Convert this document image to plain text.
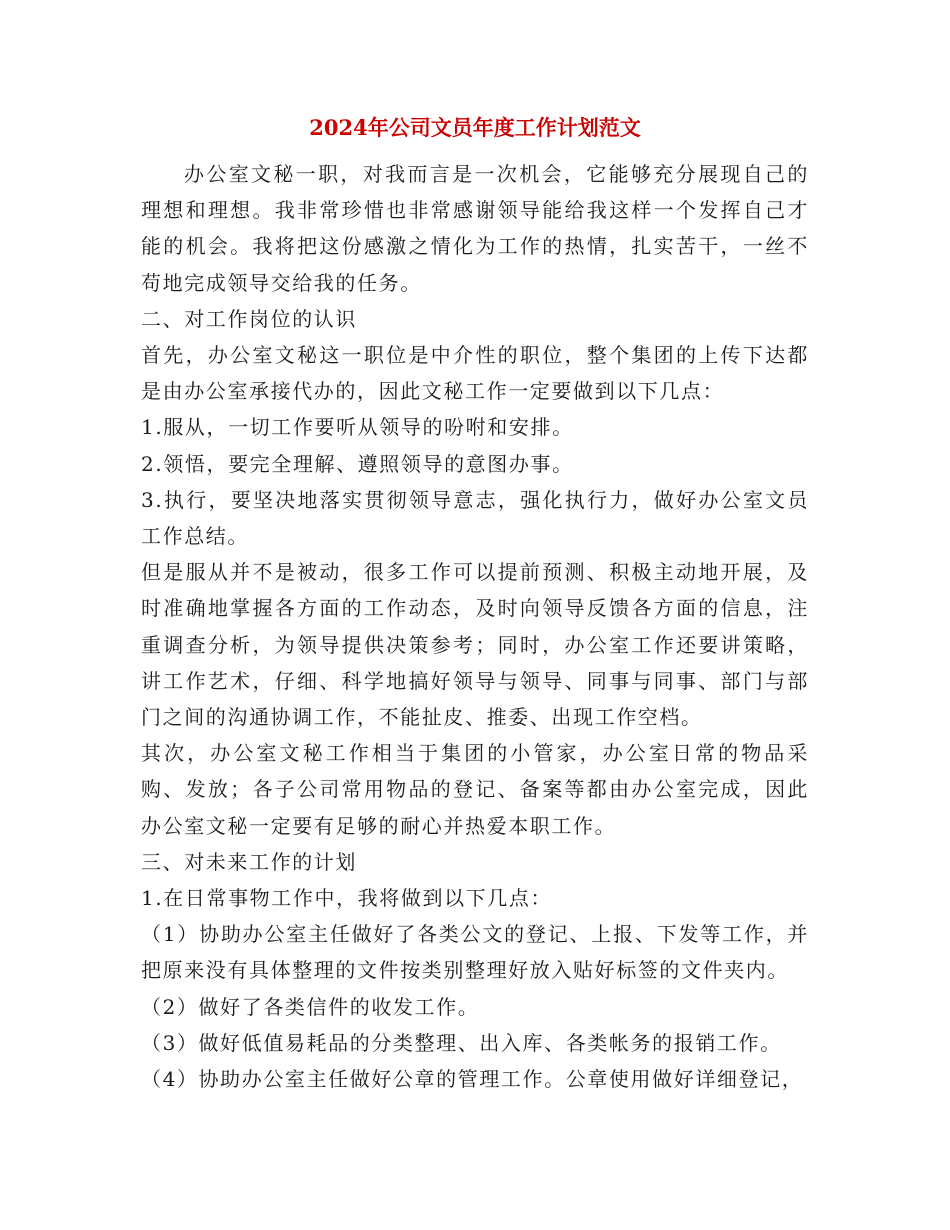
2024年公司文员年度工作计划范文

办公室文秘一职，对我而言是一次机会，它能够充分展现自己的理想和理想。我非常珍惜也非常感谢领导能给我这样一个发挥自己才能的机会。我将把这份感激之情化为工作的热情，扎实苦干，一丝不苟地完成领导交给我的任务。

二、对工作岗位的认识

首先，办公室文秘这一职位是中介性的职位，整个集团的上传下达都是由办公室承接代办的，因此文秘工作一定要做到以下几点：

1.服从，一切工作要听从领导的吩咐和安排。

2.领悟，要完全理解、遵照领导的意图办事。

3.执行，要坚决地落实贯彻领导意志，强化执行力，做好办公室文员工作总结。

但是服从并不是被动，很多工作可以提前预测、积极主动地开展，及时准确地掌握各方面的工作动态，及时向领导反馈各方面的信息，注重调查分析，为领导提供决策参考；同时，办公室工作还要讲策略，讲工作艺术，仔细、科学地搞好领导与领导、同事与同事、部门与部门之间的沟通协调工作，不能扯皮、推委、出现工作空档。

其次，办公室文秘工作相当于集团的小管家，办公室日常的物品采购、发放；各子公司常用物品的登记、备案等都由办公室完成，因此办公室文秘一定要有足够的耐心并热爱本职工作。

三、对未来工作的计划

1.在日常事物工作中，我将做到以下几点：

（1）协助办公室主任做好了各类公文的登记、上报、下发等工作，并把原来没有具体整理的文件按类别整理好放入贴好标签的文件夹内。

（2）做好了各类信件的收发工作。

（3）做好低值易耗品的分类整理、出入库、各类帐务的报销工作。

（4）协助办公室主任做好公章的管理工作。公章使用做好详细登记，
